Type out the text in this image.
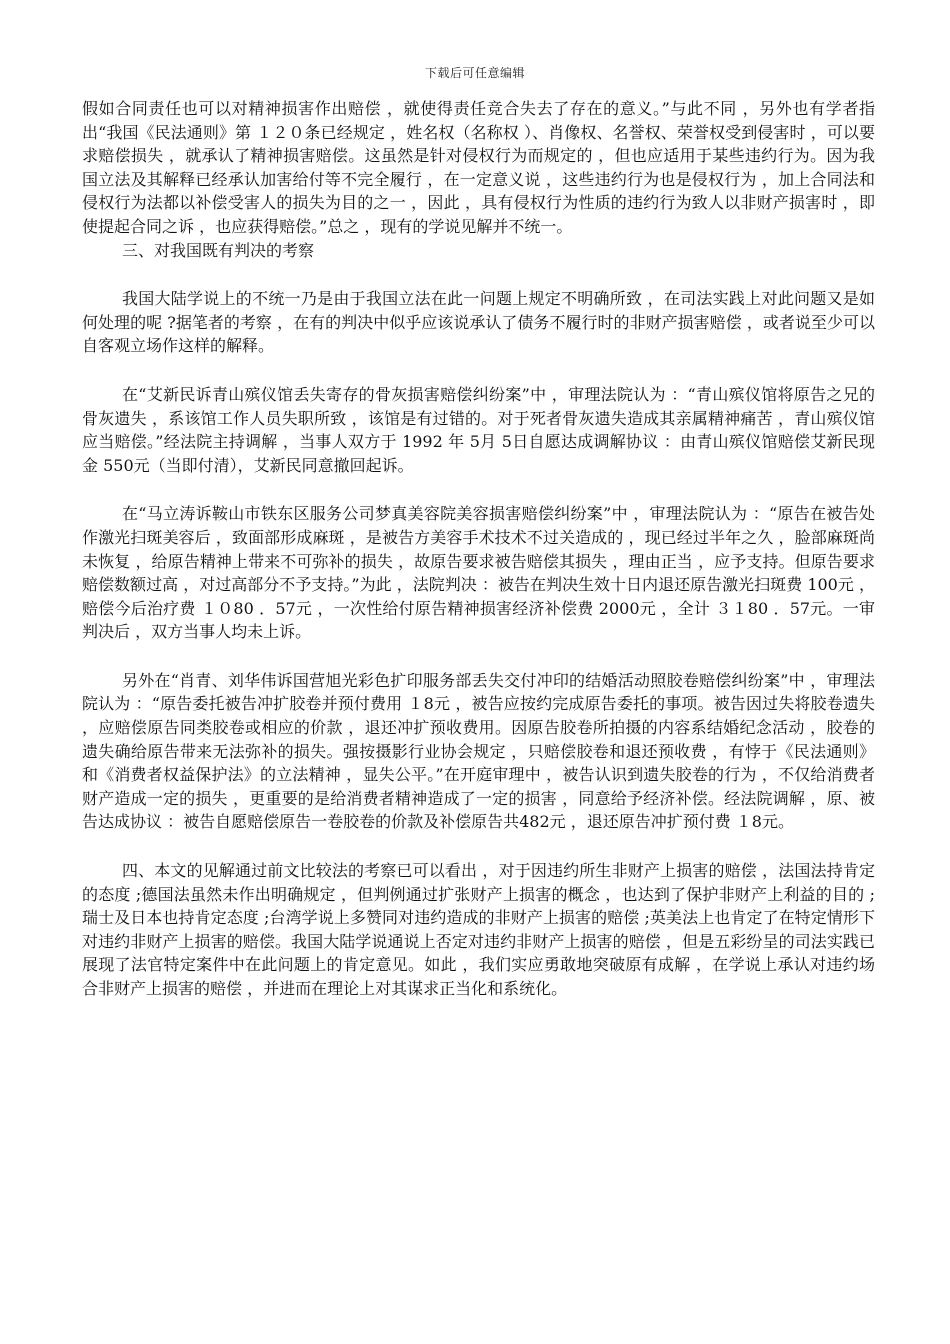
下载后可任意编辑

假如合同责任也可以对精神损害作出赔偿 ，就使得责任竞合失去了存在的意义。”与此不同 ，另外也有学者指出“我国《民法通则》第 １２０条已经规定 ，姓名权（名称权 ）、肖像权、名誉权、荣誉权受到侵害时 ，可以要求赔偿损失 ，就承认了精神损害赔偿。这虽然是针对侵权行为而规定的 ，但也应适用于某些违约行为。因为我国立法及其解释已经承认加害给付等不完全履行 ，在一定意义说 ，这些违约行为也是侵权行为 ，加上合同法和侵权行为法都以补偿受害人的损失为目的之一 ，因此 ，具有侵权行为性质的违约行为致人以非财产损害时 ，即使提起合同之诉 ，也应获得赔偿。”总之 ，现有的学说见解并不统一。

三、对我国既有判决的考察

我国大陆学说上的不统一乃是由于我国立法在此一问题上规定不明确所致 ，在司法实践上对此问题又是如何处理的呢 ?据笔者的考察 ，在有的判决中似乎应该说承认了债务不履行时的非财产损害赔偿 ，或者说至少可以自客观立场作这样的解释。

在“艾新民诉青山殡仪馆丢失寄存的骨灰损害赔偿纠纷案”中 ，审理法院认为 ：“青山殡仪馆将原告之兄的骨灰遗失 ，系该馆工作人员失职所致 ，该馆是有过错的。对于死者骨灰遗失造成其亲属精神痛苦 ，青山殡仪馆应当赔偿。”经法院主持调解 ，当事人双方于 1992 年 5月 5日自愿达成调解协议 ：由青山殡仪馆赔偿艾新民现金 550元（当即付清），艾新民同意撤回起诉。

在“马立涛诉鞍山市铁东区服务公司梦真美容院美容损害赔偿纠纷案”中 ，审理法院认为 ：“原告在被告处作激光扫斑美容后 ，致面部形成麻斑 ，是被告方美容手术技术不过关造成的 ，现已经过半年之久 ，脸部麻斑尚未恢复 ，给原告精神上带来不可弥补的损失 ，故原告要求被告赔偿其损失 ，理由正当 ，应予支持。但原告要求赔偿数额过高 ，对过高部分不予支持。”为此 ，法院判决 ：被告在判决生效十日内退还原告激光扫斑费 100元 ，赔偿今后治疗费 １０80 ．57元 ，一次性给付原告精神损害经济补偿费 2000元 ，全计 ３１80 ．57元。一审判决后 ，双方当事人均未上诉。

另外在“肖青、刘华伟诉国营旭光彩色扩印服务部丢失交付冲印的结婚活动照胶卷赔偿纠纷案”中 ，审理法院认为 ：“原告委托被告冲扩胶卷并预付费用 １8元 ，被告应按约完成原告委托的事项。被告因过失将胶卷遗失 ，应赔偿原告同类胶卷或相应的价款 ，退还冲扩预收费用。因原告胶卷所拍摄的内容系结婚纪念活动 ，胶卷的遗失确给原告带来无法弥补的损失。强按摄影行业协会规定 ，只赔偿胶卷和退还预收费 ，有悖于《民法通则》和《消费者权益保护法》的立法精神 ，显失公平。”在开庭审理中 ，被告认识到遗失胶卷的行为 ，不仅给消费者财产造成一定的损失 ，更重要的是给消费者精神造成了一定的损害 ，同意给予经济补偿。经法院调解 ，原、被告达成协议 ：被告自愿赔偿原告一卷胶卷的价款及补偿原告共482元 ，退还原告冲扩预付费 １8元。

四、本文的见解通过前文比较法的考察已可以看出 ，对于因违约所生非财产上损害的赔偿 ，法国法持肯定的态度 ;德国法虽然未作出明确规定 ，但判例通过扩张财产上损害的概念 ，也达到了保护非财产上利益的目的 ;瑞士及日本也持肯定态度 ;台湾学说上多赞同对违约造成的非财产上损害的赔偿 ;英美法上也肯定了在特定情形下对违约非财产上损害的赔偿。我国大陆学说通说上否定对违约非财产上损害的赔偿 ，但是五彩纷呈的司法实践已展现了法官特定案件中在此问题上的肯定意见。如此 ，我们实应勇敢地突破原有成解 ，在学说上承认对违约场合非财产上损害的赔偿 ，并进而在理论上对其谋求正当化和系统化。
